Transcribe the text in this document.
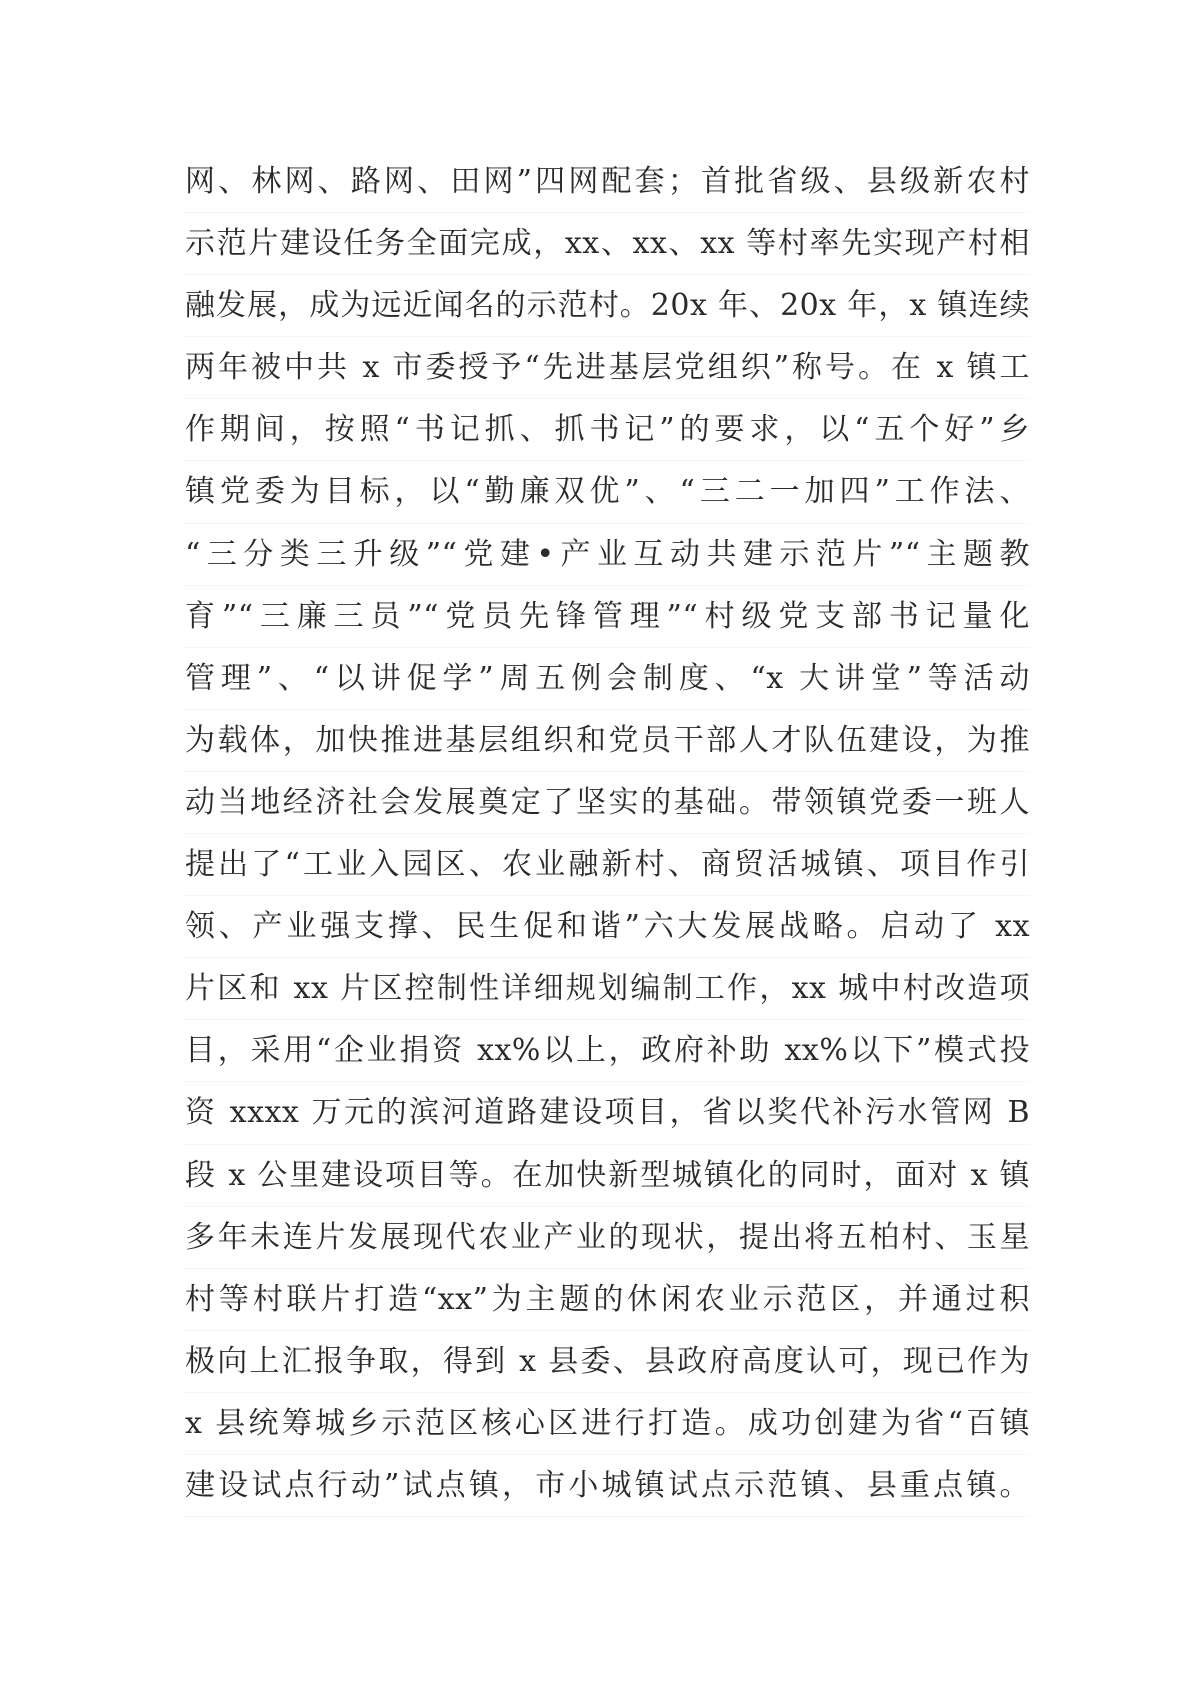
网、林网、路网、田网”四网配套；首批省级、县级新农村
示范片建设任务全面完成，xx、xx、xx 等村率先实现产村相
融发展，成为远近闻名的示范村。20x 年、20x 年，x 镇连续
两年被中共 x 市委授予“先进基层党组织”称号。在 x 镇工
作期间，按照“书记抓、抓书记”的要求，以“五个好”乡
镇党委为目标，以“勤廉双优”、“三二一加四”工作法、
“三分类三升级”“党建•产业互动共建示范片”“主题教
育”“三廉三员”“党员先锋管理”“村级党支部书记量化
管理”、“以讲促学”周五例会制度、“x 大讲堂”等活动
为载体，加快推进基层组织和党员干部人才队伍建设，为推
动当地经济社会发展奠定了坚实的基础。带领镇党委一班人
提出了“工业入园区、农业融新村、商贸活城镇、项目作引
领、产业强支撑、民生促和谐”六大发展战略。启动了 xx
片区和 xx 片区控制性详细规划编制工作，xx 城中村改造项
目，采用“企业捐资 xx%以上，政府补助 xx%以下”模式投
资 xxxx 万元的滨河道路建设项目，省以奖代补污水管网 B
段 x 公里建设项目等。在加快新型城镇化的同时，面对 x 镇
多年未连片发展现代农业产业的现状，提出将五柏村、玉星
村等村联片打造“xx”为主题的休闲农业示范区，并通过积
极向上汇报争取，得到 x 县委、县政府高度认可，现已作为
x 县统筹城乡示范区核心区进行打造。成功创建为省“百镇
建设试点行动”试点镇，市小城镇试点示范镇、县重点镇。
